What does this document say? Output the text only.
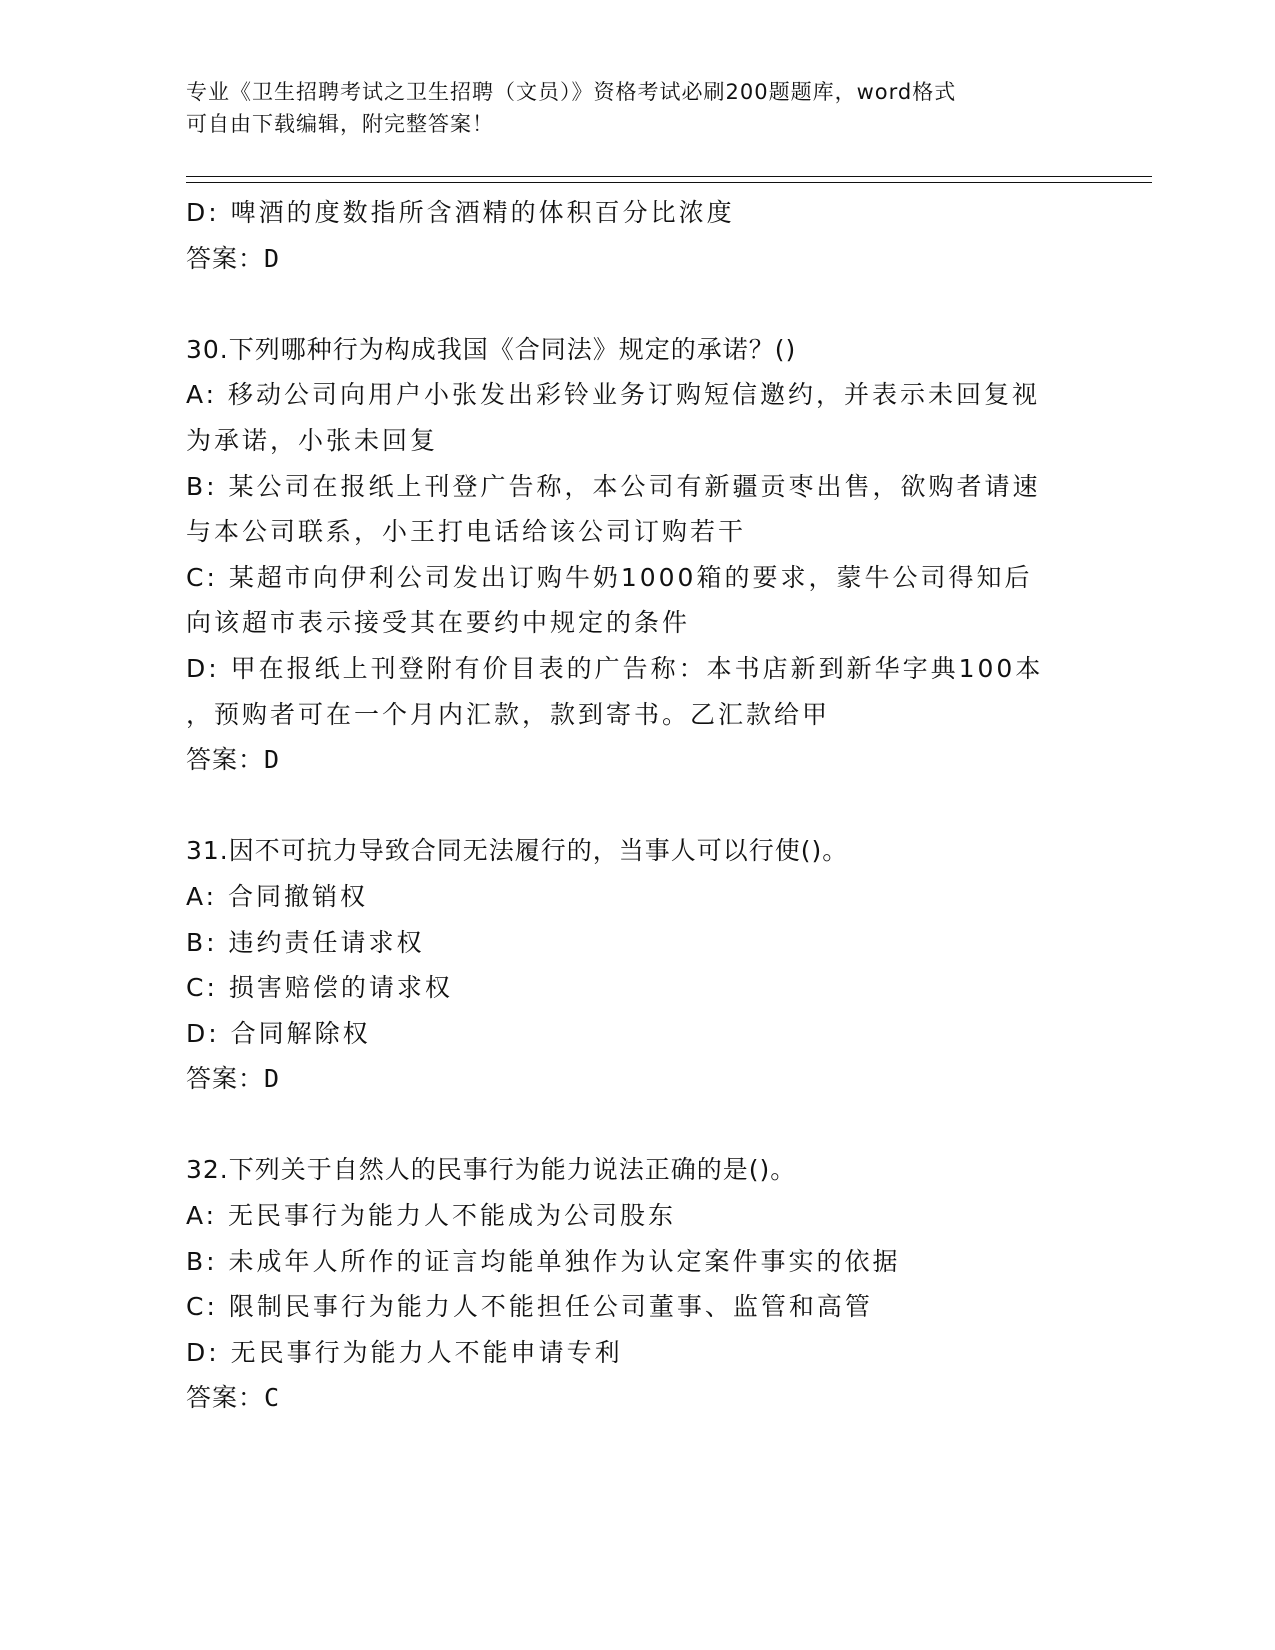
专业《卫生招聘考试之卫生招聘（文员）》资格考试必刷200题题库，word格式
可自由下载编辑，附完整答案！
D: 啤酒的度数指所含酒精的体积百分比浓度
答案：D
30.下列哪种行为构成我国《合同法》规定的承诺？()
A: 移动公司向用户小张发出彩铃业务订购短信邀约，并表示未回复视
为承诺，小张未回复
B: 某公司在报纸上刊登广告称，本公司有新疆贡枣出售，欲购者请速
与本公司联系，小王打电话给该公司订购若干
C: 某超市向伊利公司发出订购牛奶1000箱的要求，蒙牛公司得知后
向该超市表示接受其在要约中规定的条件
D: 甲在报纸上刊登附有价目表的广告称：本书店新到新华字典100本
，预购者可在一个月内汇款，款到寄书。乙汇款给甲
答案：D
31.因不可抗力导致合同无法履行的，当事人可以行使()。
A: 合同撤销权
B: 违约责任请求权
C: 损害赔偿的请求权
D: 合同解除权
答案：D
32.下列关于自然人的民事行为能力说法正确的是()。
A: 无民事行为能力人不能成为公司股东
B: 未成年人所作的证言均能单独作为认定案件事实的依据
C: 限制民事行为能力人不能担任公司董事、监管和高管
D: 无民事行为能力人不能申请专利
答案：C
